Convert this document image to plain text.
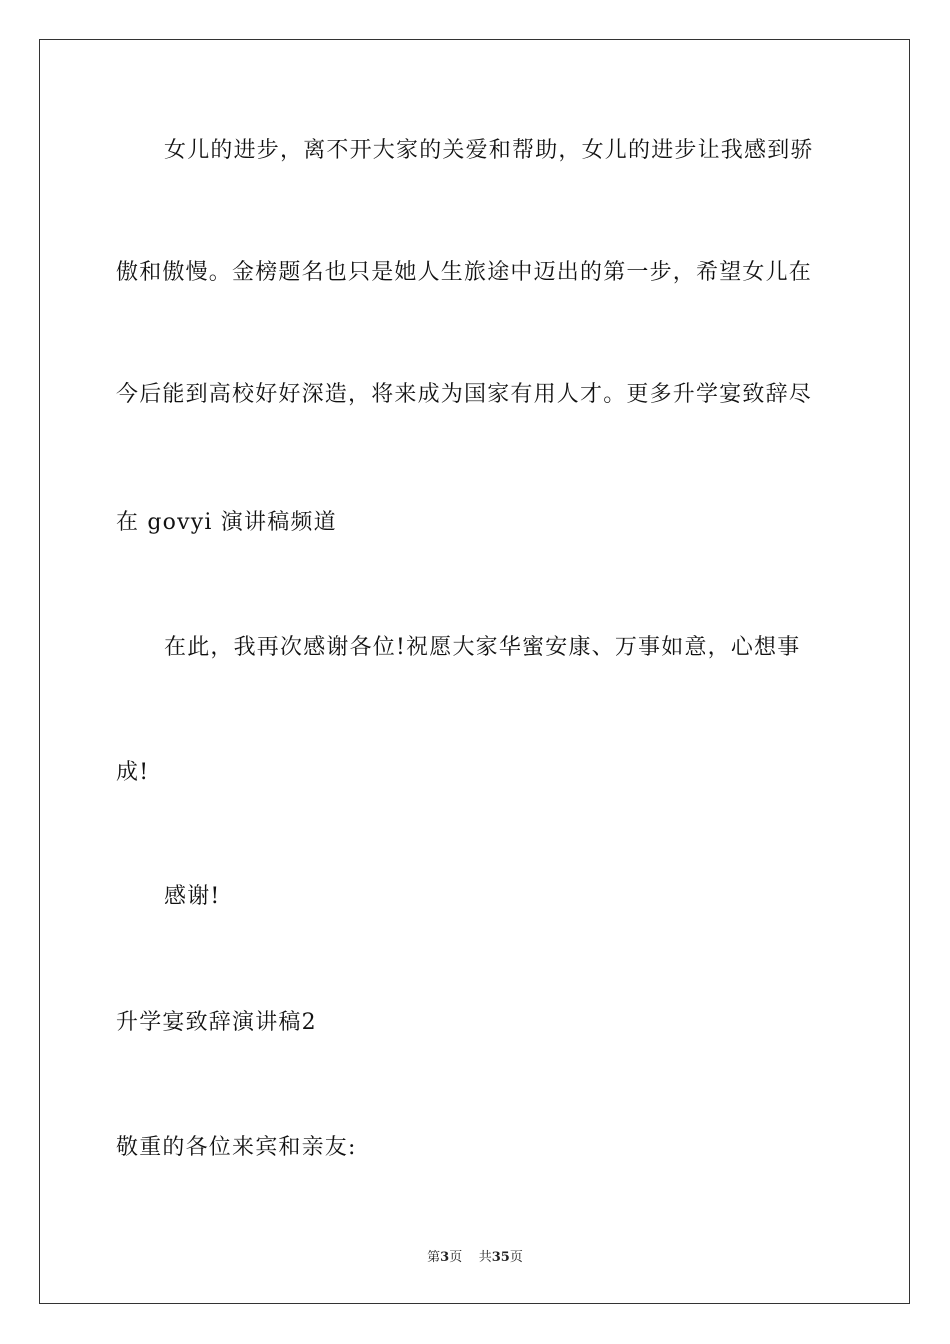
女儿的进步，离不开大家的关爱和帮助，女儿的进步让我感到骄
傲和傲慢。金榜题名也只是她人生旅途中迈出的第一步，希望女儿在
今后能到高校好好深造，将来成为国家有用人才。更多升学宴致辞尽
在 govyi 演讲稿频道
在此，我再次感谢各位!祝愿大家华蜜安康、万事如意，心想事
成!
感谢!
升学宴致辞演讲稿2
敬重的各位来宾和亲友:
第3页 共35页
